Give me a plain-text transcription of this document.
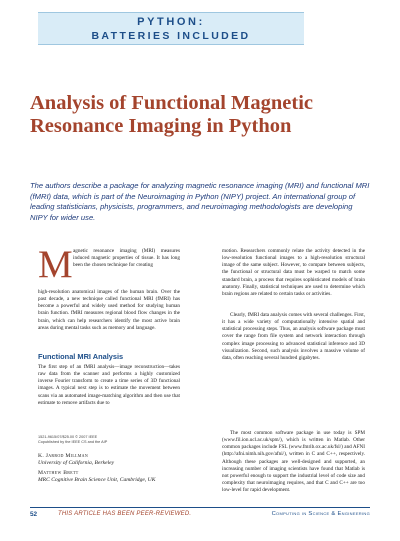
PYTHON:
BATTERIES INCLUDED
Analysis of Functional Magnetic Resonance Imaging in Python

The authors describe a package for analyzing magnetic resonance imaging (MRI) and functional MRI (fMRI) data, which is part of the Neuroimaging in Python (NIPY) project. An international group of leading statisticians, physicists, programmers, and neuroimaging methodologists are developing NIPY for wider use.

M agnetic resonance imaging (MRI) measures induced magnetic properties of tissue. It has long been the chosen technique for creating

high-resolution anatomical images of the human brain. Over the past decade, a new technique called functional MRI (fMRI) has become a powerful and widely used method for studying human brain function. fMRI measures regional blood flow changes in the brain, which can help researchers identify the most active brain areas during mental tasks such as memory and language.

Functional MRI Analysis

The first step of an fMRI analysis—image reconstruction—takes raw data from the scanner and performs a highly customized inverse Fourier transform to create a time series of 3D functional images. A typical next step is to estimate the movement between scans via an automated image-matching algorithm and then use that estimate to remove artifacts due to

1521-9615/07/$25.00 © 2007 IEEE
Copublished by the IEEE CS and the AIP
K. Jarrod Millman
University of California, Berkeley
Matthew Brett
MRC Cognitive Brain Science Unit, Cambridge, UK

motion. Researchers commonly relate the activity detected in the low-resolution functional images to a high-resolution structural image of the same subject. However, to compare between subjects, the functional or structural data must be warped to match some standard brain, a process that requires sophisticated models of brain anatomy. Finally, statistical techniques are used to determine which brain regions are related to certain tasks or activities.

Clearly, fMRI data analysis comes with several challenges. First, it has a wide variety of computationally intensive spatial and statistical processing steps. Thus, an analysis software package must cover the range from file system and network interaction through complex image processing to advanced statistical inference and 3D visualization. Second, such analysis involves a massive volume of data, often reaching several hundred gigabytes.

The most common software package in use today is SPM (www.fil.ion.ucl.ac.uk/spm/), which is written in Matlab. Other common packages include FSL (www.fmrib.ox.ac.uk/fsl/) and AFNI (http://afni.nimh.nih.gov/afni/), written in C and C++, respectively. Although these packages are well-designed and supported, an increasing number of imaging scientists have found that Matlab is not powerful enough to support the industrial level of code size and complexity that neuroimaging requires, and that C and C++ are too low-level for rapid development.

52	THIS ARTICLE HAS BEEN PEER-REVIEWED.	Computing in Science & Engineering
